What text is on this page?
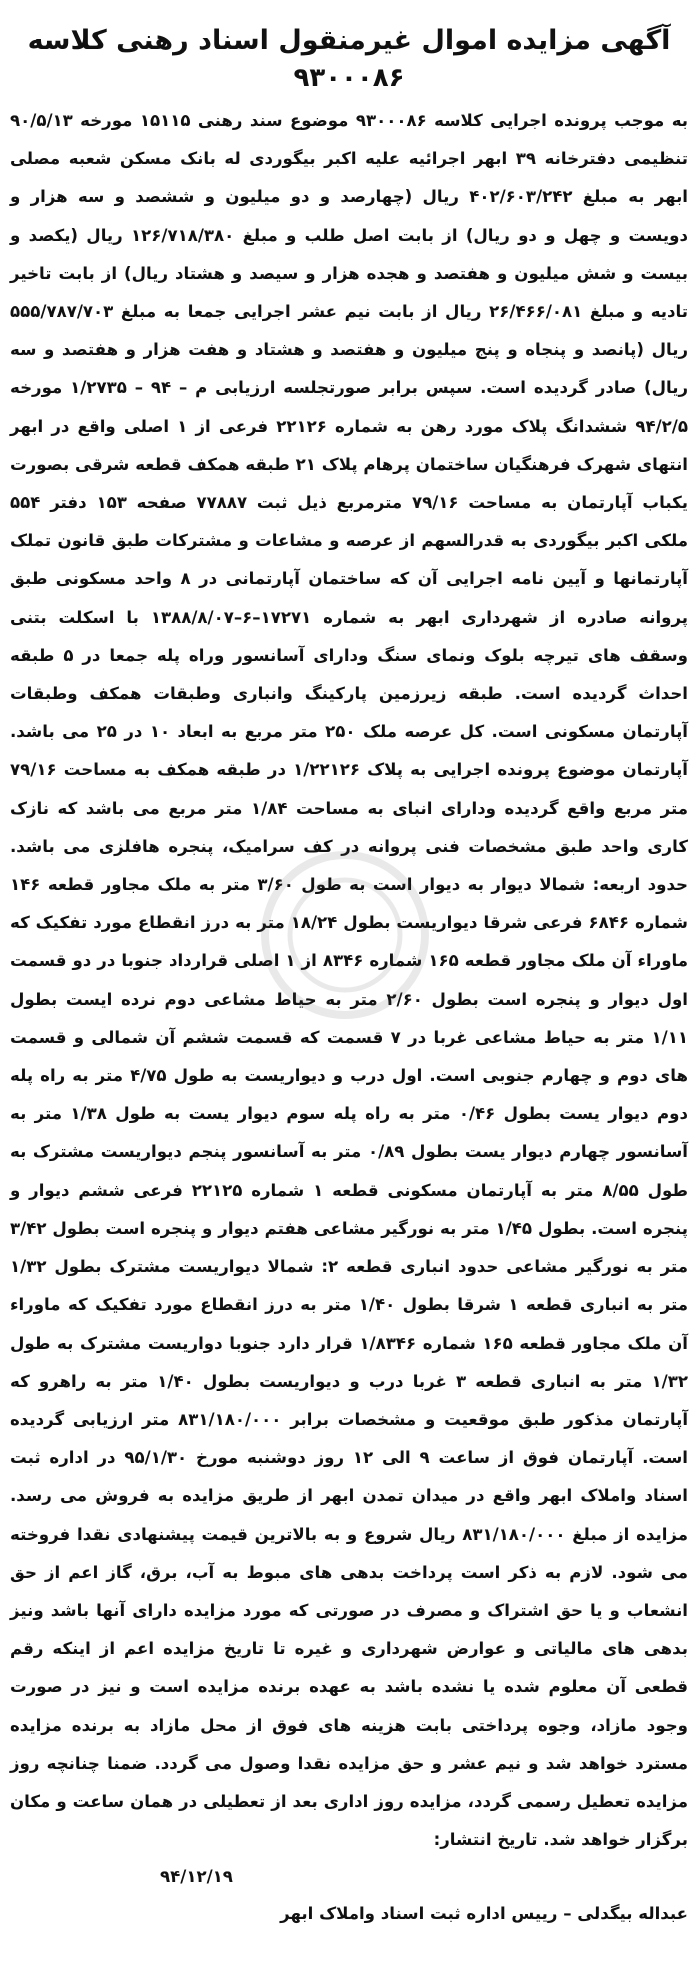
آگهی مزایده اموال غیرمنقول اسناد رهنی کلاسه
۹۳۰۰۰۸۶

به موجب پرونده اجرایی کلاسه ۹۳۰۰۰۸۶ موضوع سند رهنی ۱۵۱۱۵ مورخه ۹۰/۵/۱۳ تنظیمی دفترخانه ۳۹ ابهر اجرائیه علیه اکبر بیگوردی له بانک مسکن شعبه مصلی ابهر به مبلغ ۴۰۲/۶۰۳/۲۴۲ ریال (چهارصد و دو میلیون و ششصد و سه هزار و دویست و چهل و دو ریال) از بابت اصل طلب و مبلغ ۱۲۶/۷۱۸/۳۸۰ ریال (یکصد و بیست و شش میلیون و هفتصد و هجده هزار و سیصد و هشتاد ریال) از بابت تاخیر تادیه و مبلغ ۲۶/۴۶۶/۰۸۱ ریال از بابت نیم عشر اجرایی جمعا به مبلغ ۵۵۵/۷۸۷/۷۰۳ ریال (پانصد و پنجاه و پنج میلیون و هفتصد و هشتاد و هفت هزار و هفتصد و سه ریال) صادر گردیده است. سپس برابر صورتجلسه ارزیابی م – ۹۴ – ۱/۲۷۳۵ مورخه ۹۴/۲/۵ ششدانگ پلاک مورد رهن به شماره ۲۲۱۲۶ فرعی از ۱ اصلی واقع در ابهر انتهای شهرک فرهنگیان ساختمان پرهام پلاک ۲۱ طبقه همکف قطعه شرقی بصورت یکباب آپارتمان به مساحت ۷۹/۱۶ مترمربع ذیل ثبت ۷۷۸۸۷ صفحه ۱۵۳ دفتر ۵۵۴ ملکی اکبر بیگوردی به قدرالسهم از عرصه و مشاعات و مشترکات طبق قانون تملک آپارتمانها و آیین نامه اجرایی آن که ساختمان آپارتمانی در ۸ واحد مسکونی طبق پروانه صادره از شهرداری ابهر به شماره ۱۷۲۷۱–۶–۱۳۸۸/۸/۰۷ با اسکلت بتنی وسقف های تیرچه بلوک ونمای سنگ ودارای آسانسور وراه پله جمعا در ۵ طبقه احداث گردیده است. طبقه زیرزمین پارکینگ وانباری وطبقات همکف وطبقات آپارتمان مسکونی است. کل عرصه ملک ۲۵۰ متر مربع به ابعاد ۱۰ در ۲۵ می باشد. آپارتمان موضوع پرونده اجرایی به پلاک ۱/۲۲۱۲۶ در طبقه همکف به مساحت ۷۹/۱۶ متر مربع واقع گردیده ودارای انبای به مساحت ۱/۸۴ متر مربع می باشد که نازک کاری واحد طبق مشخصات فنی پروانه در کف سرامیک، پنجره هافلزی می باشد. حدود اربعه: شمالا دیوار به دیوار است به طول ۳/۶۰ متر به ملک مجاور قطعه ۱۴۶ شماره ۶۸۴۶ فرعی شرقا دیواریست بطول ۱۸/۲۴ متر به درز انقطاع مورد تفکیک که ماوراء آن ملک مجاور قطعه ۱۶۵ شماره ۸۳۴۶ از ۱ اصلی قرارداد جنوبا در دو قسمت اول دیوار و پنجره است بطول ۲/۶۰ متر به حیاط مشاعی دوم نرده ایست بطول ۱/۱۱ متر به حیاط مشاعی غربا در ۷ قسمت که قسمت ششم آن شمالی و قسمت های دوم و چهارم جنوبی است. اول درب و دیواریست به طول ۴/۷۵ متر به راه پله دوم دیوار یست بطول ۰/۴۶ متر به راه پله سوم دیوار یست به طول ۱/۳۸ متر به آسانسور چهارم دیوار یست بطول ۰/۸۹ متر به آسانسور پنجم دیواریست مشترک به طول ۸/۵۵ متر به آپارتمان مسکونی قطعه ۱ شماره ۲۲۱۲۵ فرعی ششم دیوار و پنجره است. بطول ۱/۴۵ متر به نورگیر مشاعی هفتم دیوار و پنجره است بطول ۳/۴۲ متر به نورگیر مشاعی حدود انباری قطعه ۲: شمالا دیواریست مشترک بطول ۱/۳۲ متر به انباری قطعه ۱ شرقا بطول ۱/۴۰ متر به درز انقطاع مورد تفکیک که ماوراء آن ملک مجاور قطعه ۱۶۵ شماره ۱/۸۳۴۶ قرار دارد جنوبا دواریست مشترک به طول ۱/۳۲ متر به انباری قطعه ۳ غربا درب و دیواریست بطول ۱/۴۰ متر به راهرو که آپارتمان مذکور طبق موقعیت و مشخصات برابر ۸۳۱/۱۸۰/۰۰۰ متر ارزیابی گردیده است. آپارتمان فوق از ساعت ۹ الی ۱۲ روز دوشنبه مورخ ۹۵/۱/۳۰ در اداره ثبت اسناد واملاک ابهر واقع در میدان تمدن ابهر از طریق مزایده به فروش می رسد. مزایده از مبلغ ۸۳۱/۱۸۰/۰۰۰ ریال شروع و به بالاترین قیمت پیشنهادی نقدا فروخته می شود. لازم به ذکر است پرداخت بدهی های مبوط به آب، برق، گاز اعم از حق انشعاب و یا حق اشتراک و مصرف در صورتی که مورد مزایده دارای آنها باشد ونیز بدهی های مالیاتی و عوارض شهرداری و غیره تا تاریخ مزایده اعم از اینکه رقم قطعی آن معلوم شده یا نشده باشد به عهده برنده مزایده است و نیز در صورت وجود مازاد، وجوه پرداختی بابت هزینه های فوق از محل مازاد به برنده مزایده مسترد خواهد شد و نیم عشر و حق مزایده نقدا وصول می گردد. ضمنا چنانچه روز مزایده تعطیل رسمی گردد، مزایده روز اداری بعد از تعطیلی در همان ساعت و مکان برگزار خواهد شد. تاریخ انتشار:

۹۴/۱۲/۱۹

عبداله بیگدلی – رییس اداره ثبت اسناد واملاک ابهر
